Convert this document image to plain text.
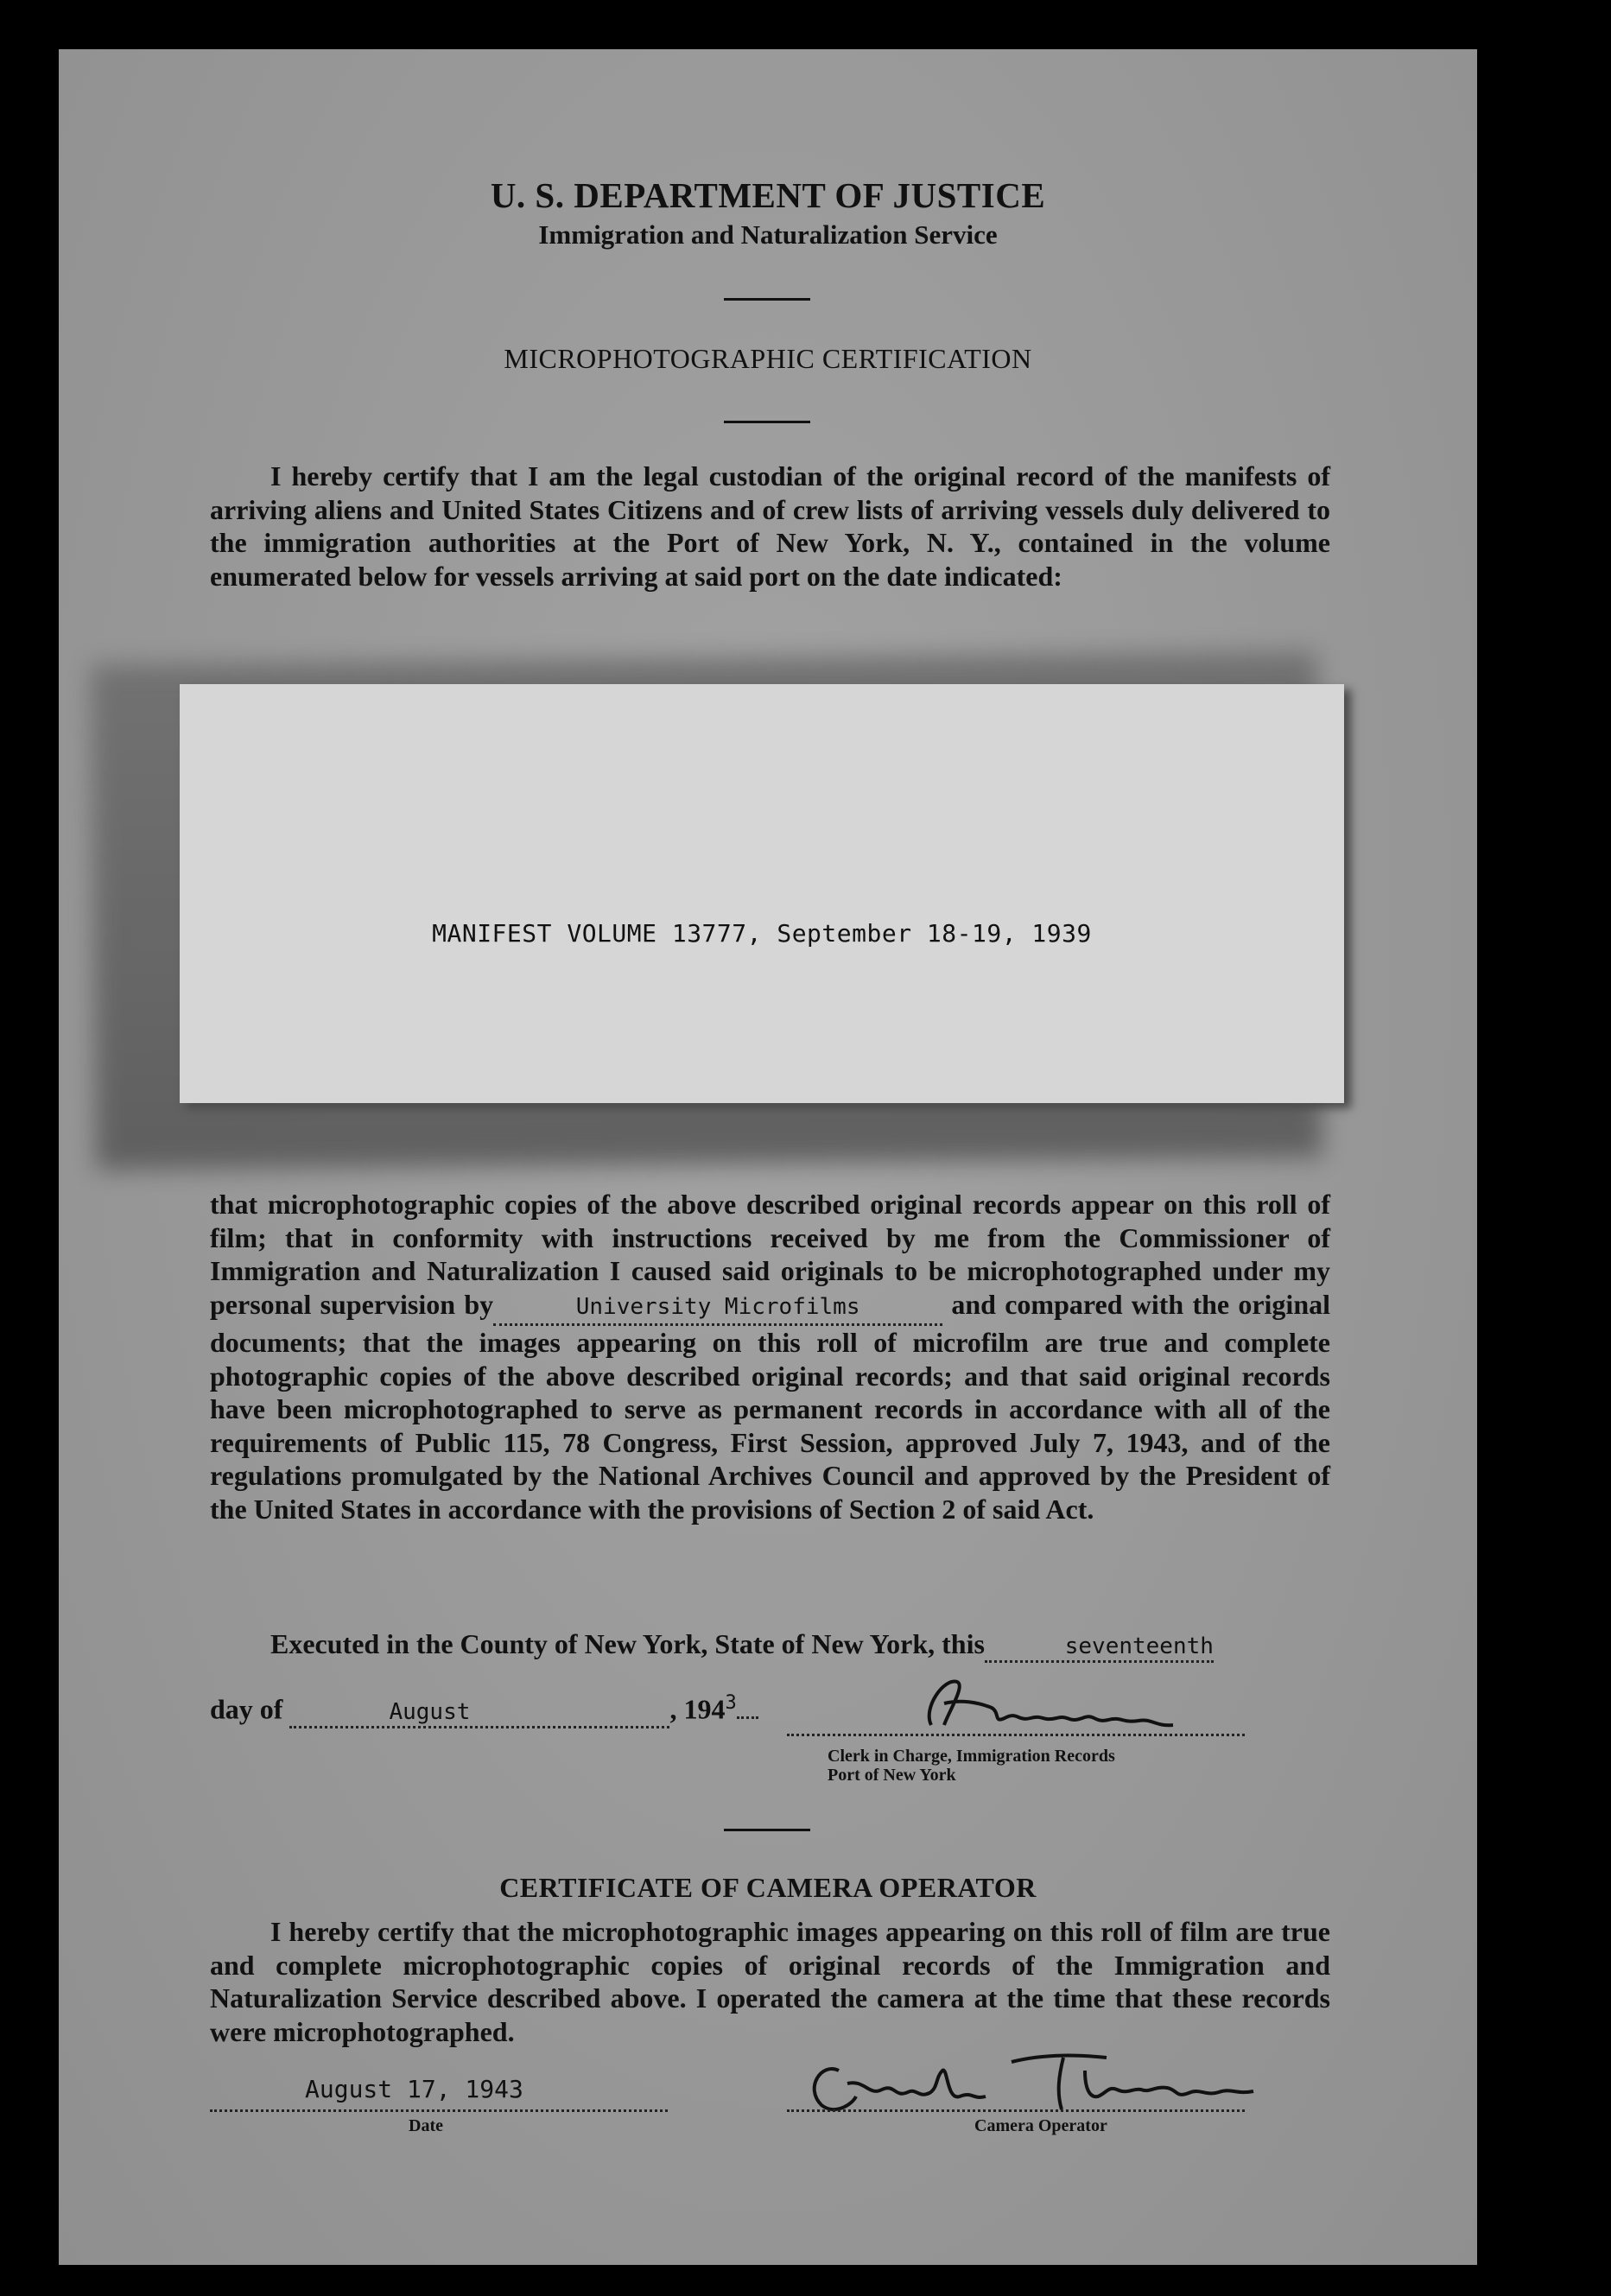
U. S. DEPARTMENT OF JUSTICE
Immigration and Naturalization Service
MICROPHOTOGRAPHIC CERTIFICATION

I hereby certify that I am the legal custodian of the original record of the manifests of arriving aliens and United States Citizens and of crew lists of arriving vessels duly delivered to the immigration authorities at the Port of New York, N. Y., contained in the volume enumerated below for vessels arriving at said port on the date indicated:

MANIFEST VOLUME 13777, September 18-19, 1939

that microphotographic copies of the above described original records appear on this roll of film; that in conformity with instructions received by me from the Commissioner of Immigration and Naturalization I caused said originals to be microphotographed under my personal supervision by	University Microfilms	and compared with the original documents; that the images appearing on this roll of microfilm are true and complete photographic copies of the above described original records; and that said original records have been microphotographed to serve as permanent records in accordance with all of the requirements of Public 115, 78 Congress, First Session, approved July 7, 1943, and of the regulations promulgated by the National Archives Council and approved by the President of the United States in accordance with the provisions of Section 2 of said Act.

Executed in the County of New York, State of New York, this	seventeenth
day of	August	, $194^3$
Clerk in Charge, Immigration Records
Port of New York
CERTIFICATE OF CAMERA OPERATOR

I hereby certify that the microphotographic images appearing on this roll of film are true and complete microphotographic copies of original records of the Immigration and Naturalization Service described above. I operated the camera at the time that these records were microphotographed.

August 17, 1943
Date	Camera Operator
